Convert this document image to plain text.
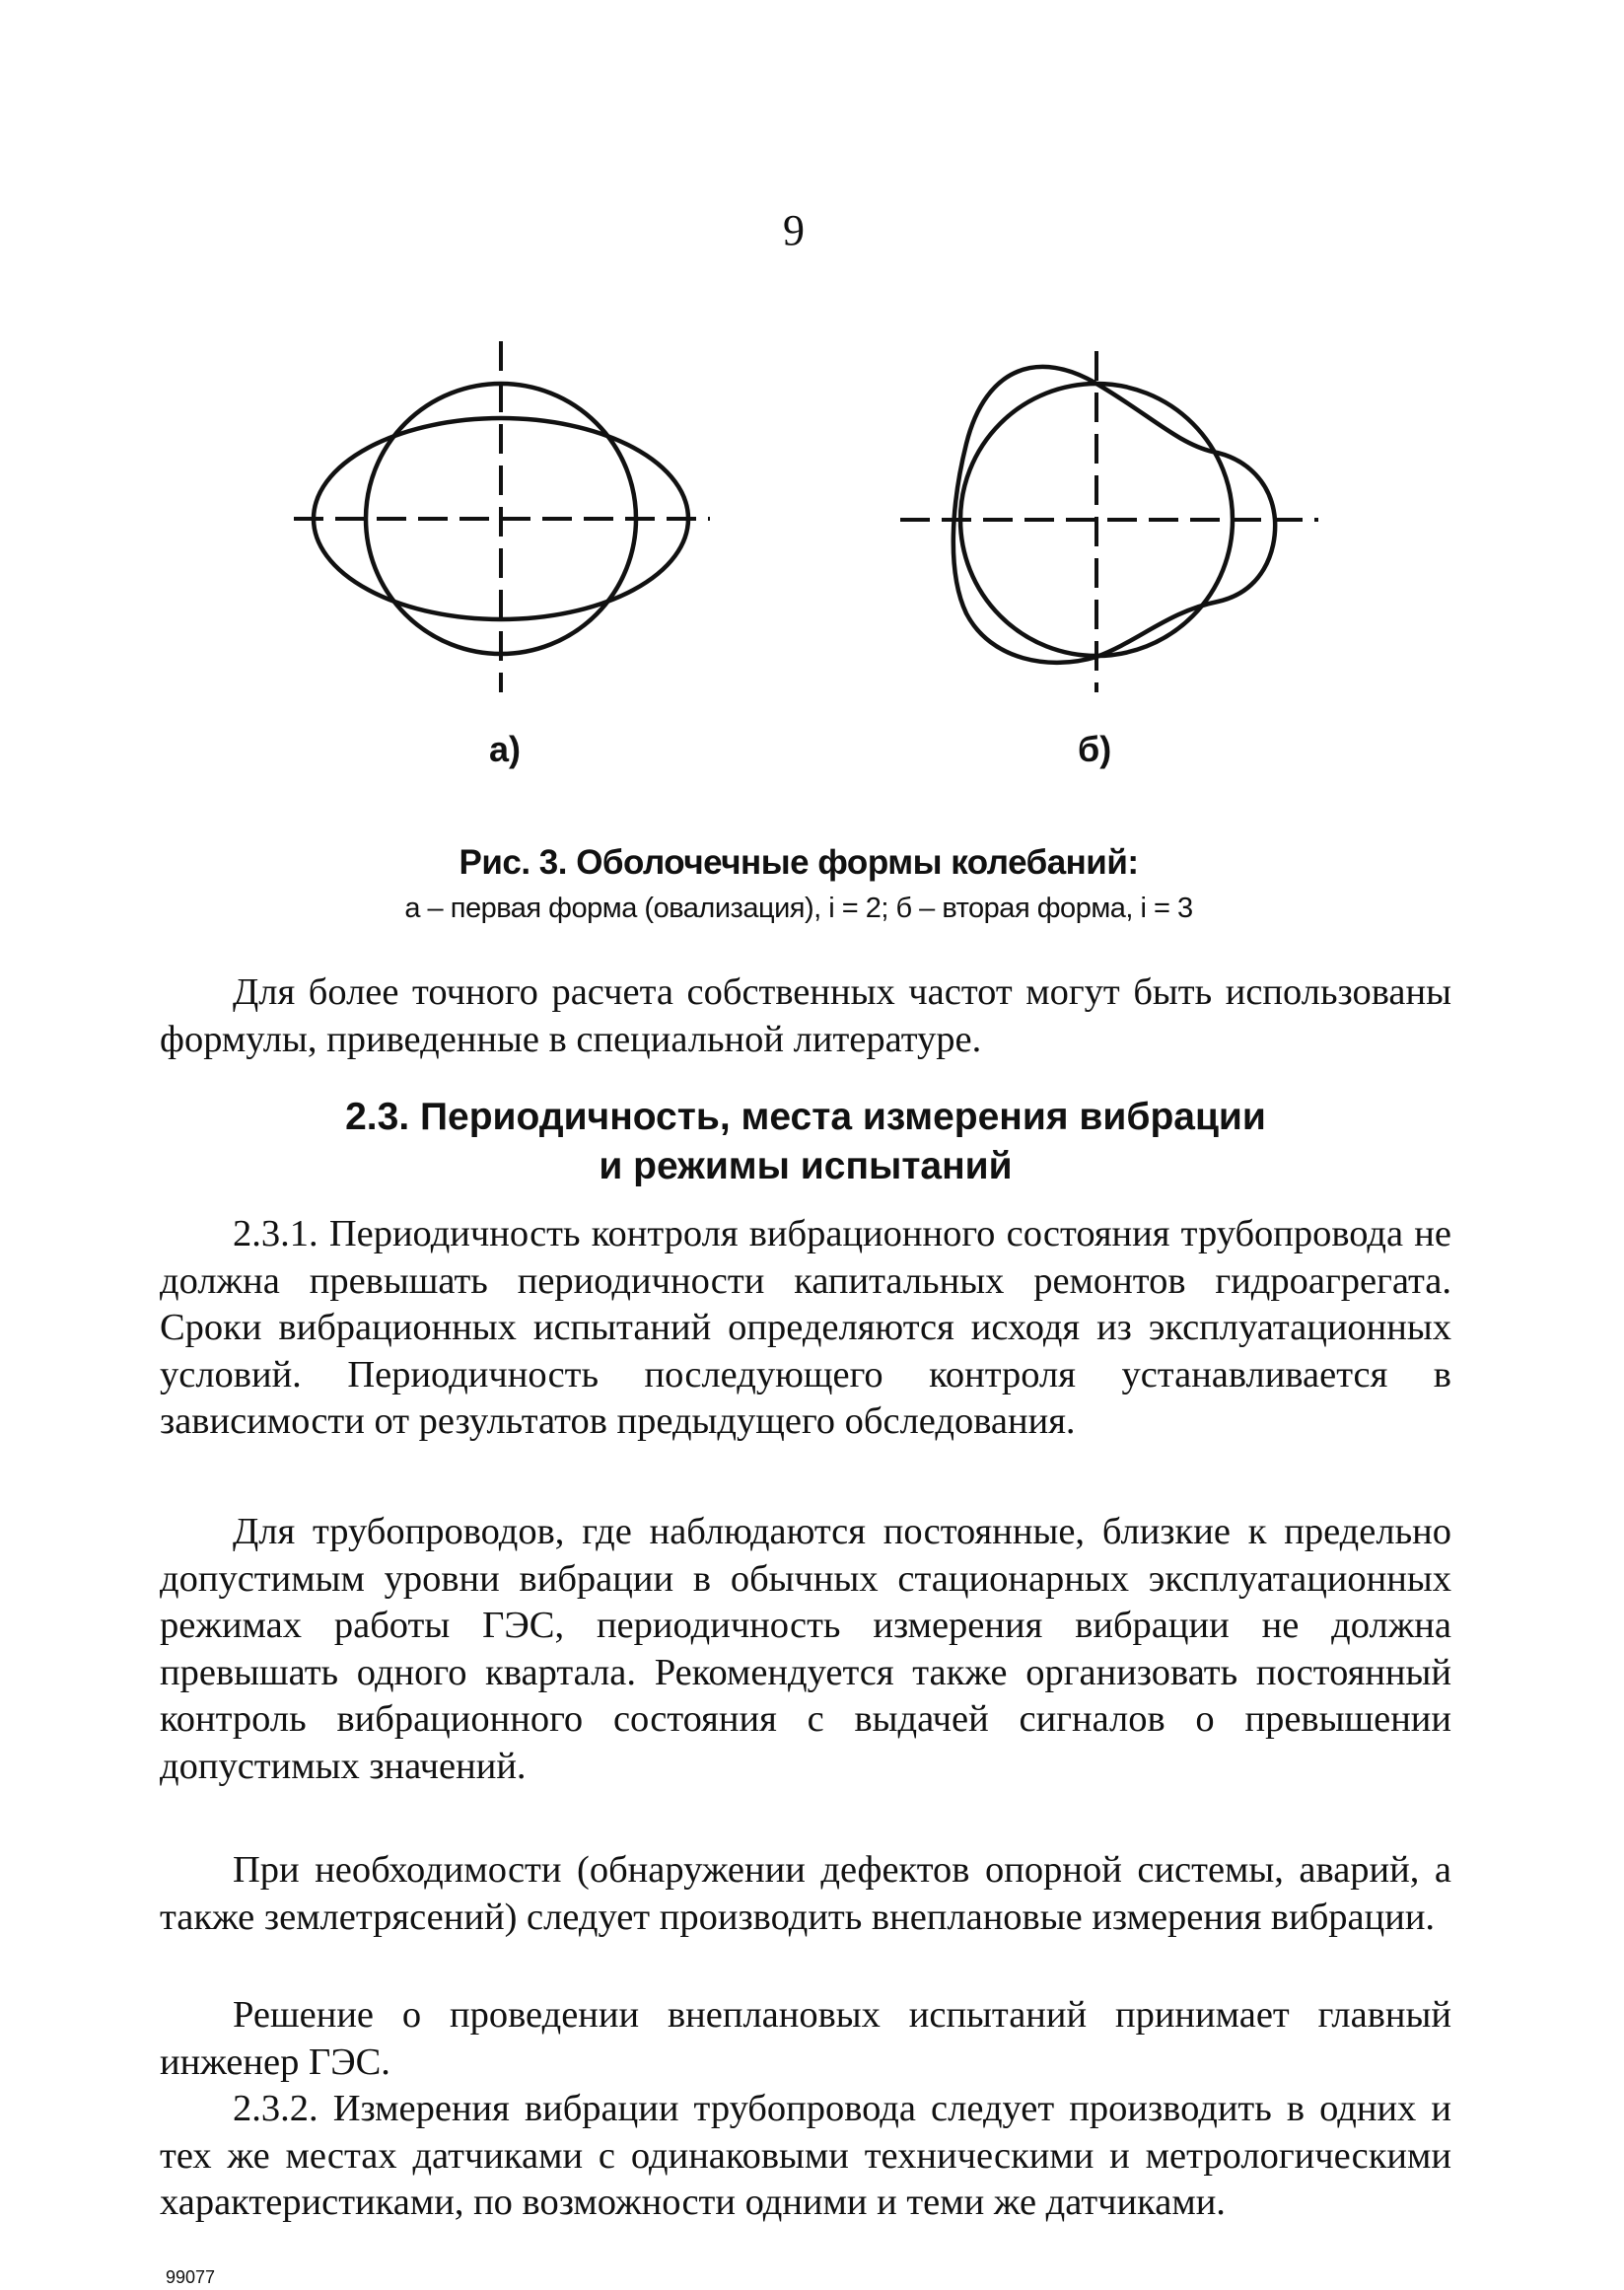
9
а)	б)
Рис. 3. Оболочечные формы колебаний:
а – первая форма (овализация), i = 2; б – вторая форма, i = 3

Для более точного расчета собственных частот могут быть использованы формулы, приведенные в специальной литературе.

2.3. Периодичность, места измерения вибрации
и режимы испытаний

2.3.1. Периодичность контроля вибрационного состояния трубопровода не должна превышать периодичности капитальных ремонтов гидроагрегата. Сроки вибрационных испытаний определяются исходя из эксплуатационных условий. Периодичность последующего контроля устанавливается в зависимости от результатов предыдущего обследования.

Для трубопроводов, где наблюдаются постоянные, близкие к предельно допустимым уровни вибрации в обычных стационарных эксплуатационных режимах работы ГЭС, периодичность измерения вибрации не должна превышать одного квартала. Рекомендуется также организовать постоянный контроль вибрационного состояния с выдачей сигналов о превышении допустимых значений.

При необходимости (обнаружении дефектов опорной системы, аварий, а также землетрясений) следует производить внеплановые измерения вибрации.

Решение о проведении внеплановых испытаний принимает главный инженер ГЭС.

2.3.2. Измерения вибрации трубопровода следует производить в одних и тех же местах датчиками с одинаковыми техническими и метрологическими характеристиками, по возможности одними и теми же датчиками.

99077
